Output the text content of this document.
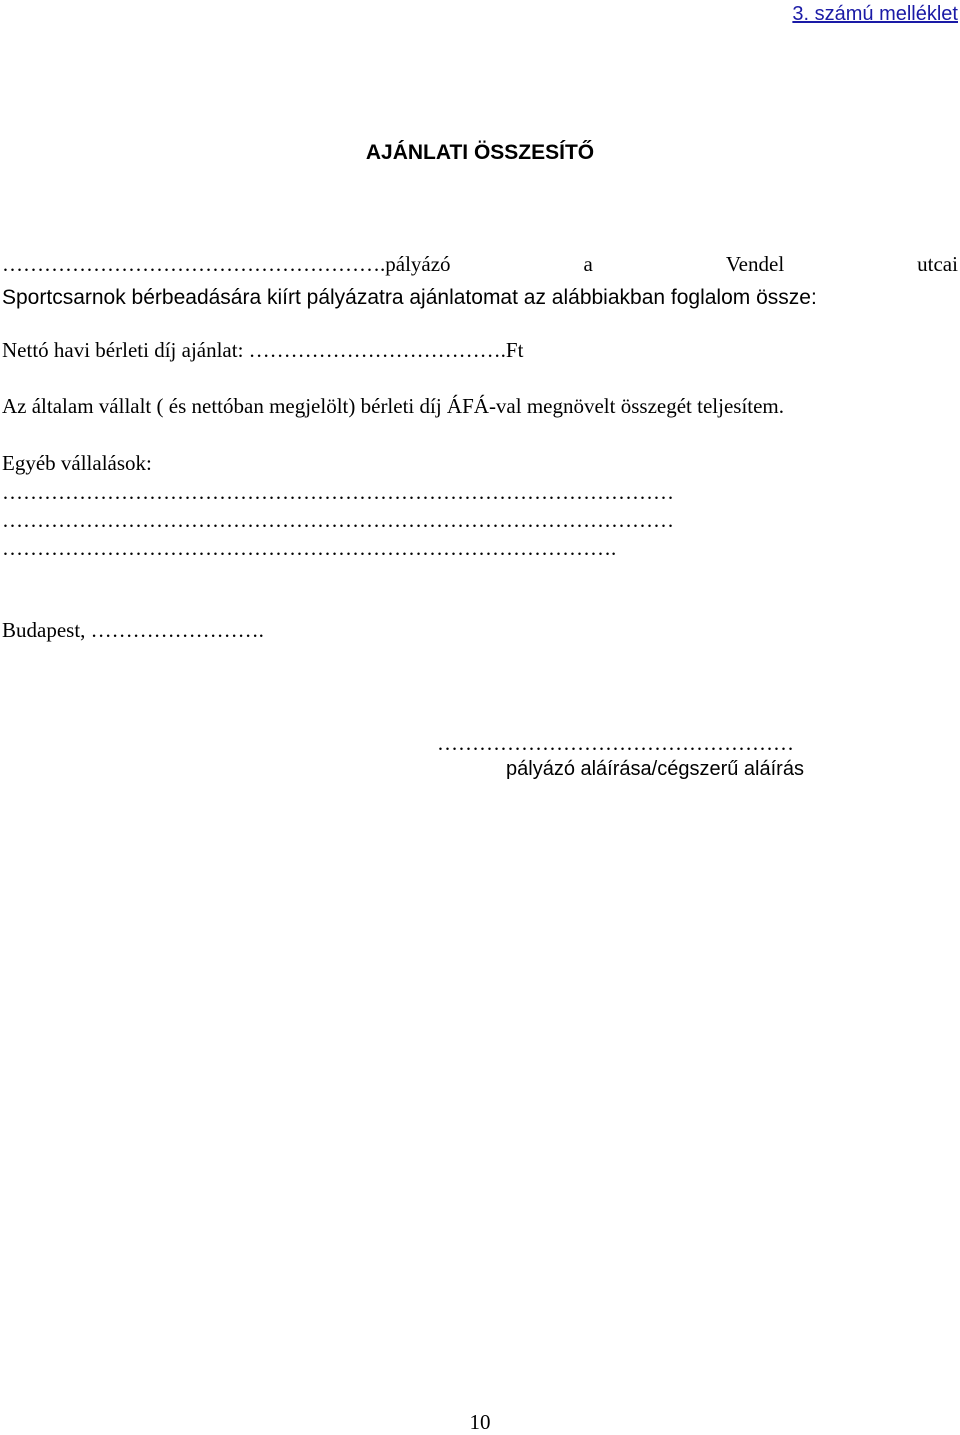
3. számú melléklet
AJÁNLATI ÖSSZESÍTŐ
……………………………………………….pályázó	a	Vendel	utcai

Sportcsarnok bérbeadására kiírt pályázatra ajánlatomat az alábbiakban foglalom össze:

Nettó havi bérleti díj ajánlat: ……………………………….Ft

Az általam vállalt ( és nettóban megjelölt) bérleti díj ÁFÁ-val megnövelt összegét teljesítem.

Egyéb vállalások:

……………………………………………………………………………………

……………………………………………………………………………………

…………………………………………………………………………….

Budapest, …………………….

……………………………………………

pályázó aláírása/cégszerű aláírás

10
